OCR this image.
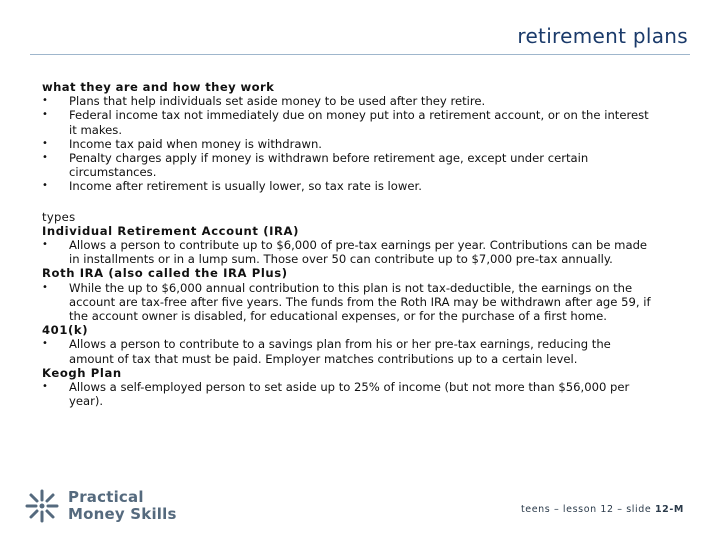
retirement plans
what they are and how they work
• Plans that help individuals set aside money to be used after they retire.
• Federal income tax not immediately due on money put into a retirement account, or on the interest it makes.
• Income tax paid when money is withdrawn.
• Penalty charges apply if money is withdrawn before retirement age, except under certain circumstances.
• Income after retirement is usually lower, so tax rate is lower.
types
Individual Retirement Account (IRA)
• Allows a person to contribute up to $6,000 of pre-tax earnings per year. Contributions can be made in installments or in a lump sum. Those over 50 can contribute up to $7,000 pre-tax annually.
Roth IRA (also called the IRA Plus)
• While the up to $6,000 annual contribution to this plan is not tax-deductible, the earnings on the account are tax-free after five years. The funds from the Roth IRA may be withdrawn after age 59, if the account owner is disabled, for educational expenses, or for the purchase of a first home.
401(k)
• Allows a person to contribute to a savings plan from his or her pre-tax earnings, reducing the amount of tax that must be paid. Employer matches contributions up to a certain level.
Keogh Plan
• Allows a self-employed person to set aside up to 25% of income (but not more than $56,000 per year).
Practical
Money Skills	teens – lesson 12 – slide 12-M
